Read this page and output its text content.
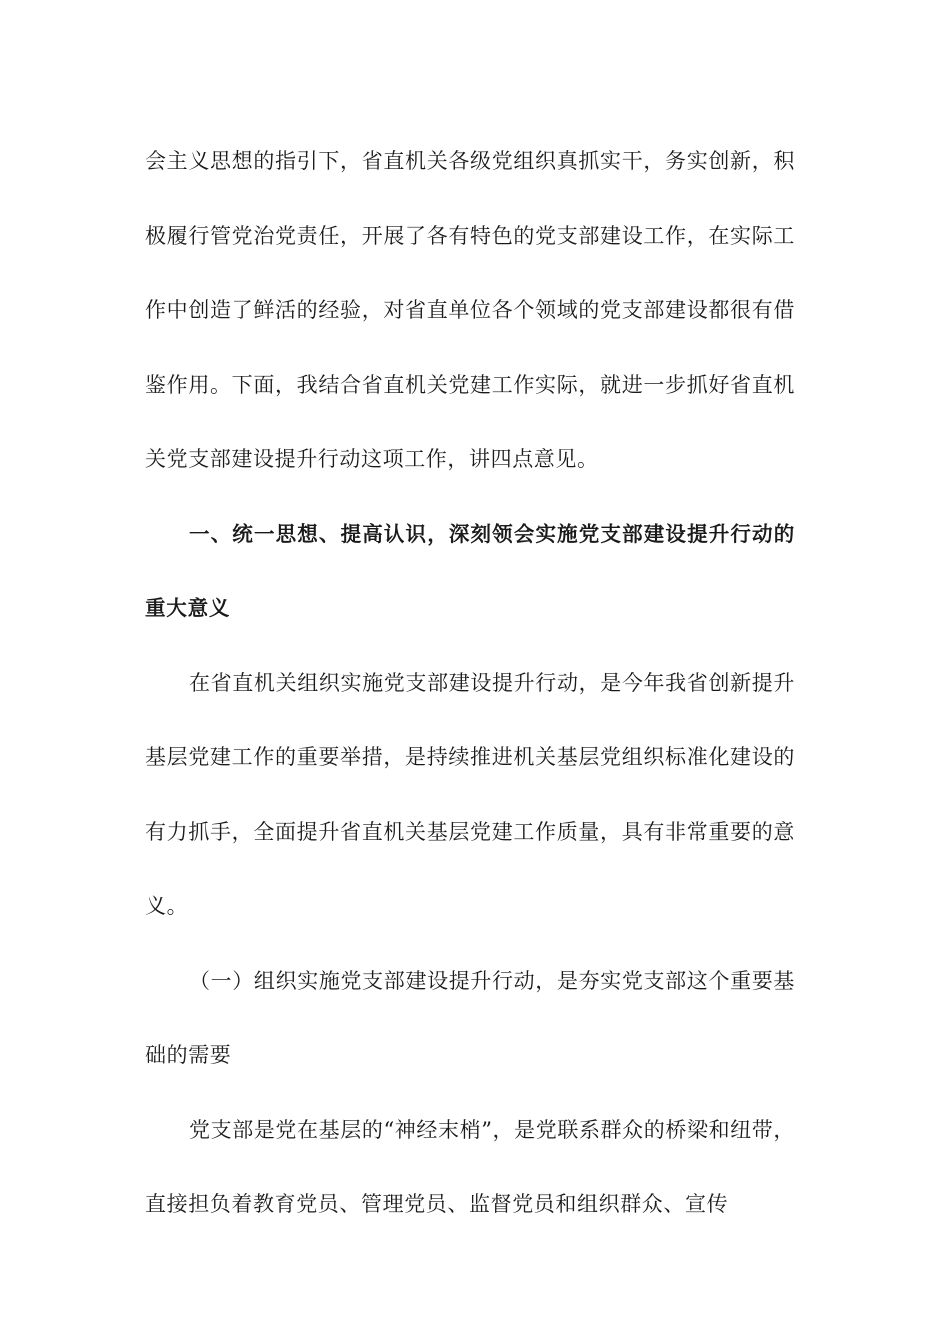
会主义思想的指引下，省直机关各级党组织真抓实干，务实创新，积极履行管党治党责任，开展了各有特色的党支部建设工作，在实际工作中创造了鲜活的经验，对省直单位各个领域的党支部建设都很有借鉴作用。下面，我结合省直机关党建工作实际，就进一步抓好省直机关党支部建设提升行动这项工作，讲四点意见。

一、统一思想、提高认识，深刻领会实施党支部建设提升行动的重大意义

在省直机关组织实施党支部建设提升行动，是今年我省创新提升基层党建工作的重要举措，是持续推进机关基层党组织标准化建设的有力抓手，全面提升省直机关基层党建工作质量，具有非常重要的意义。

（一）组织实施党支部建设提升行动，是夯实党支部这个重要基础的需要

党支部是党在基层的“神经末梢”，是党联系群众的桥梁和纽带，直接担负着教育党员、管理党员、监督党员和组织群众、宣传
